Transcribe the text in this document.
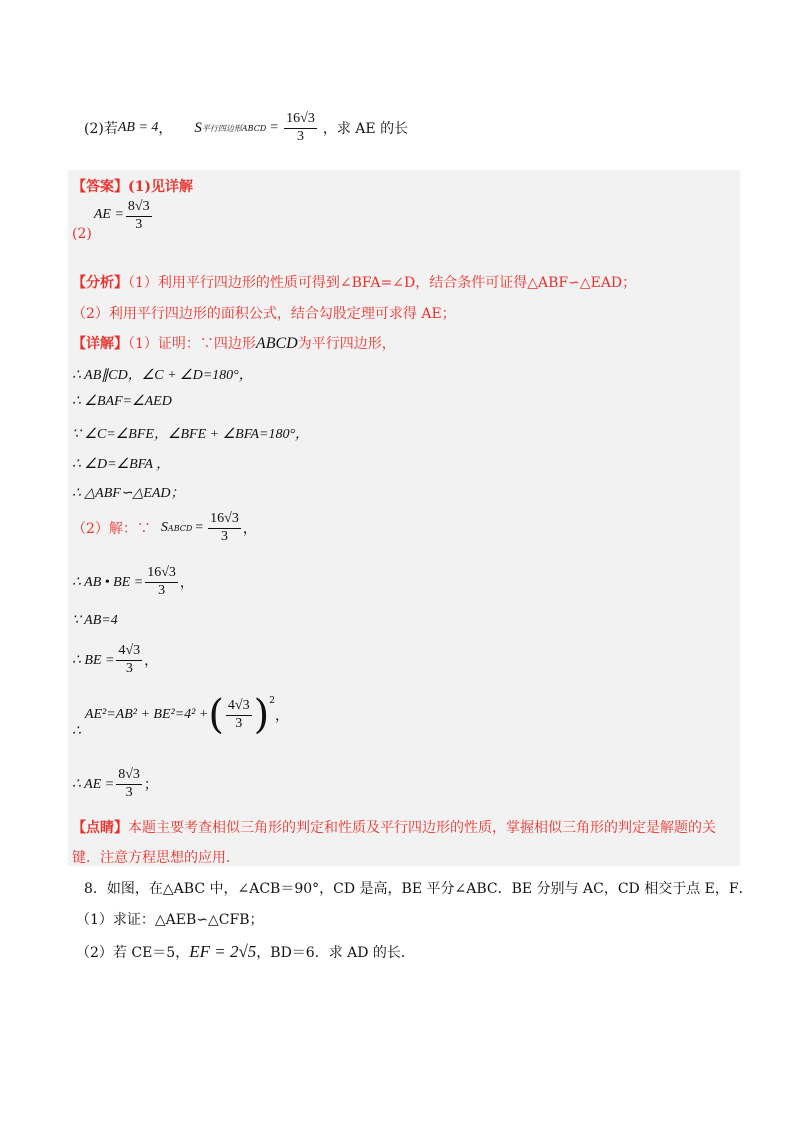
(2)若 AB = 4 ， S 平行四边形ABCD = $\frac{16√3}{3}$ ，求 AE 的长
【答案】(1)见详解
(2)
AE = $\frac{8√3}{3}$
【分析】（1）利用平行四边形的性质可得到∠BFA=∠D，结合条件可证得△ABF∽△EAD；
（2）利用平行四边形的面积公式，结合勾股定理可求得 AE；
【详解】（1）证明：∵四边形ABCD为平行四边形，
∴ AB∥CD，∠C + ∠D=180°，
∴ ∠BAF=∠AED
∵ ∠C=∠BFE，∠BFE + ∠BFA=180°，
∴ ∠D=∠BFA ，
∴ △ABF∽△EAD；
（2）解：∵ S ABCD = $\frac{16√3}{3}$ ，
∴ AB • BE = $\frac{16√3}{3}$ ，
∵ AB=4
∴ BE = $\frac{4√3}{3}$ ，
∴
AE²=AB² + BE²=4² + ( $\frac{4√3}{3}$ ) 2
，
∴ AE = $\frac{8√3}{3}$ ；
【点睛】本题主要考查相似三角形的判定和性质及平行四边形的性质，掌握相似三角形的判定是解题的关
键．注意方程思想的应用．
8．如图，在△ABC 中，∠ACB＝90°，CD 是高，BE 平分∠ABC．BE 分别与 AC，CD 相交于点 E，F．
（1）求证：△AEB∽△CFB；
（2）若 CE＝5，EF = 2√5，BD＝6．求 AD 的长．
